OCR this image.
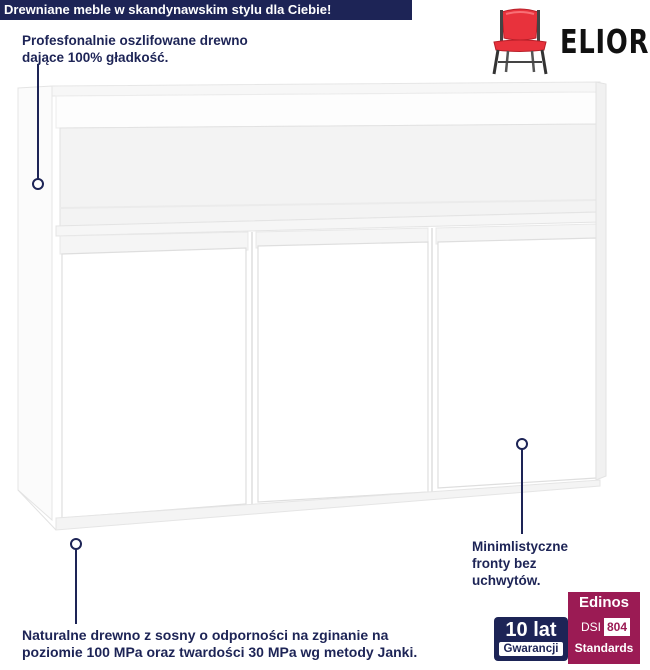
Drewniane meble w skandynawskim stylu dla Ciebie!
ELIOR
Profesfonalnie oszlifowane drewno
dające 100% gładkość.
Minimlistyczne
fronty bez
uchwytów.
Naturalne drewno z sosny o odporności na zginanie na
poziomie 100 MPa oraz twardości 30 MPa wg metody Janki.
10 lat
Gwarancji
Edinos
DSI 804
Standards
